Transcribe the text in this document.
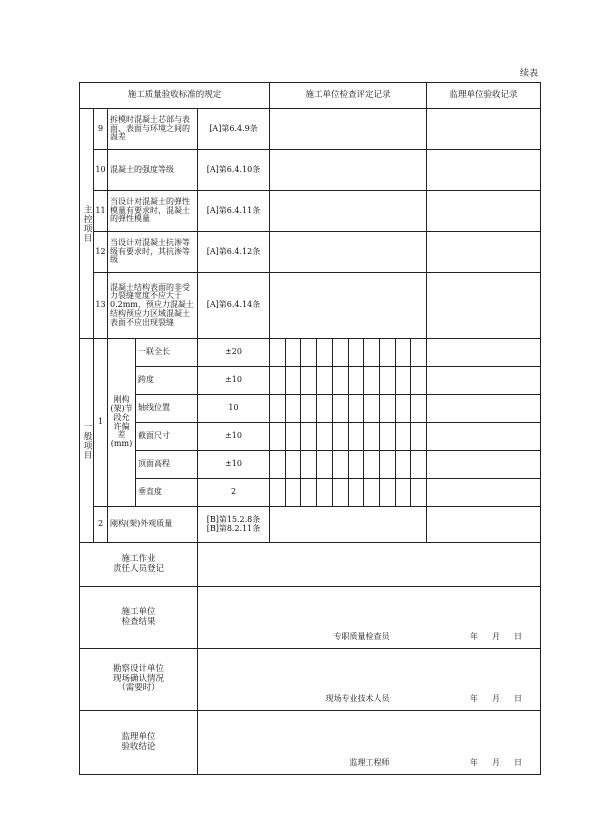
续表
施工质量验收标准的规定					施工单位检查评定记录	监理单位验收记录
主控项目	9	拆模时混凝土芯部与表面、表面与环境之间的温差		[A]第6.4.9条		
	10	混凝土的强度等级		[A]第6.4.10条		
	11	当设计对混凝土的弹性模量有要求时，混凝土的弹性模量		[A]第6.4.11条		
	12	当设计对混凝土抗渗等级有要求时，其抗渗等级		[A]第6.4.12条		
	13	混凝土结构表面的非受力裂缝宽度不应大于0.2mm，预应力混凝土结构预应力区域混凝土表面不应出现裂缝		[A]第6.4.14条		
一般项目	1	刚构(架)节段允许偏差(mm)	一联全长	±20	

			跨度	±10	

			轴线位置	10	

			截面尺寸	±10	

			顶面高程	±10	

			垂直度	2	

	2	刚构(架)外观质量		[B]第15.2.8条
[B]第8.2.11条		

施工作业
责任人员登记						
施工单位
检查结果				专职质量检查员 年 月 日		
勘察设计单位
现场确认情况
（需要时）				现场专业技术人员 年 月 日		
监理单位
验收结论				监理工程师 年 月 日		
